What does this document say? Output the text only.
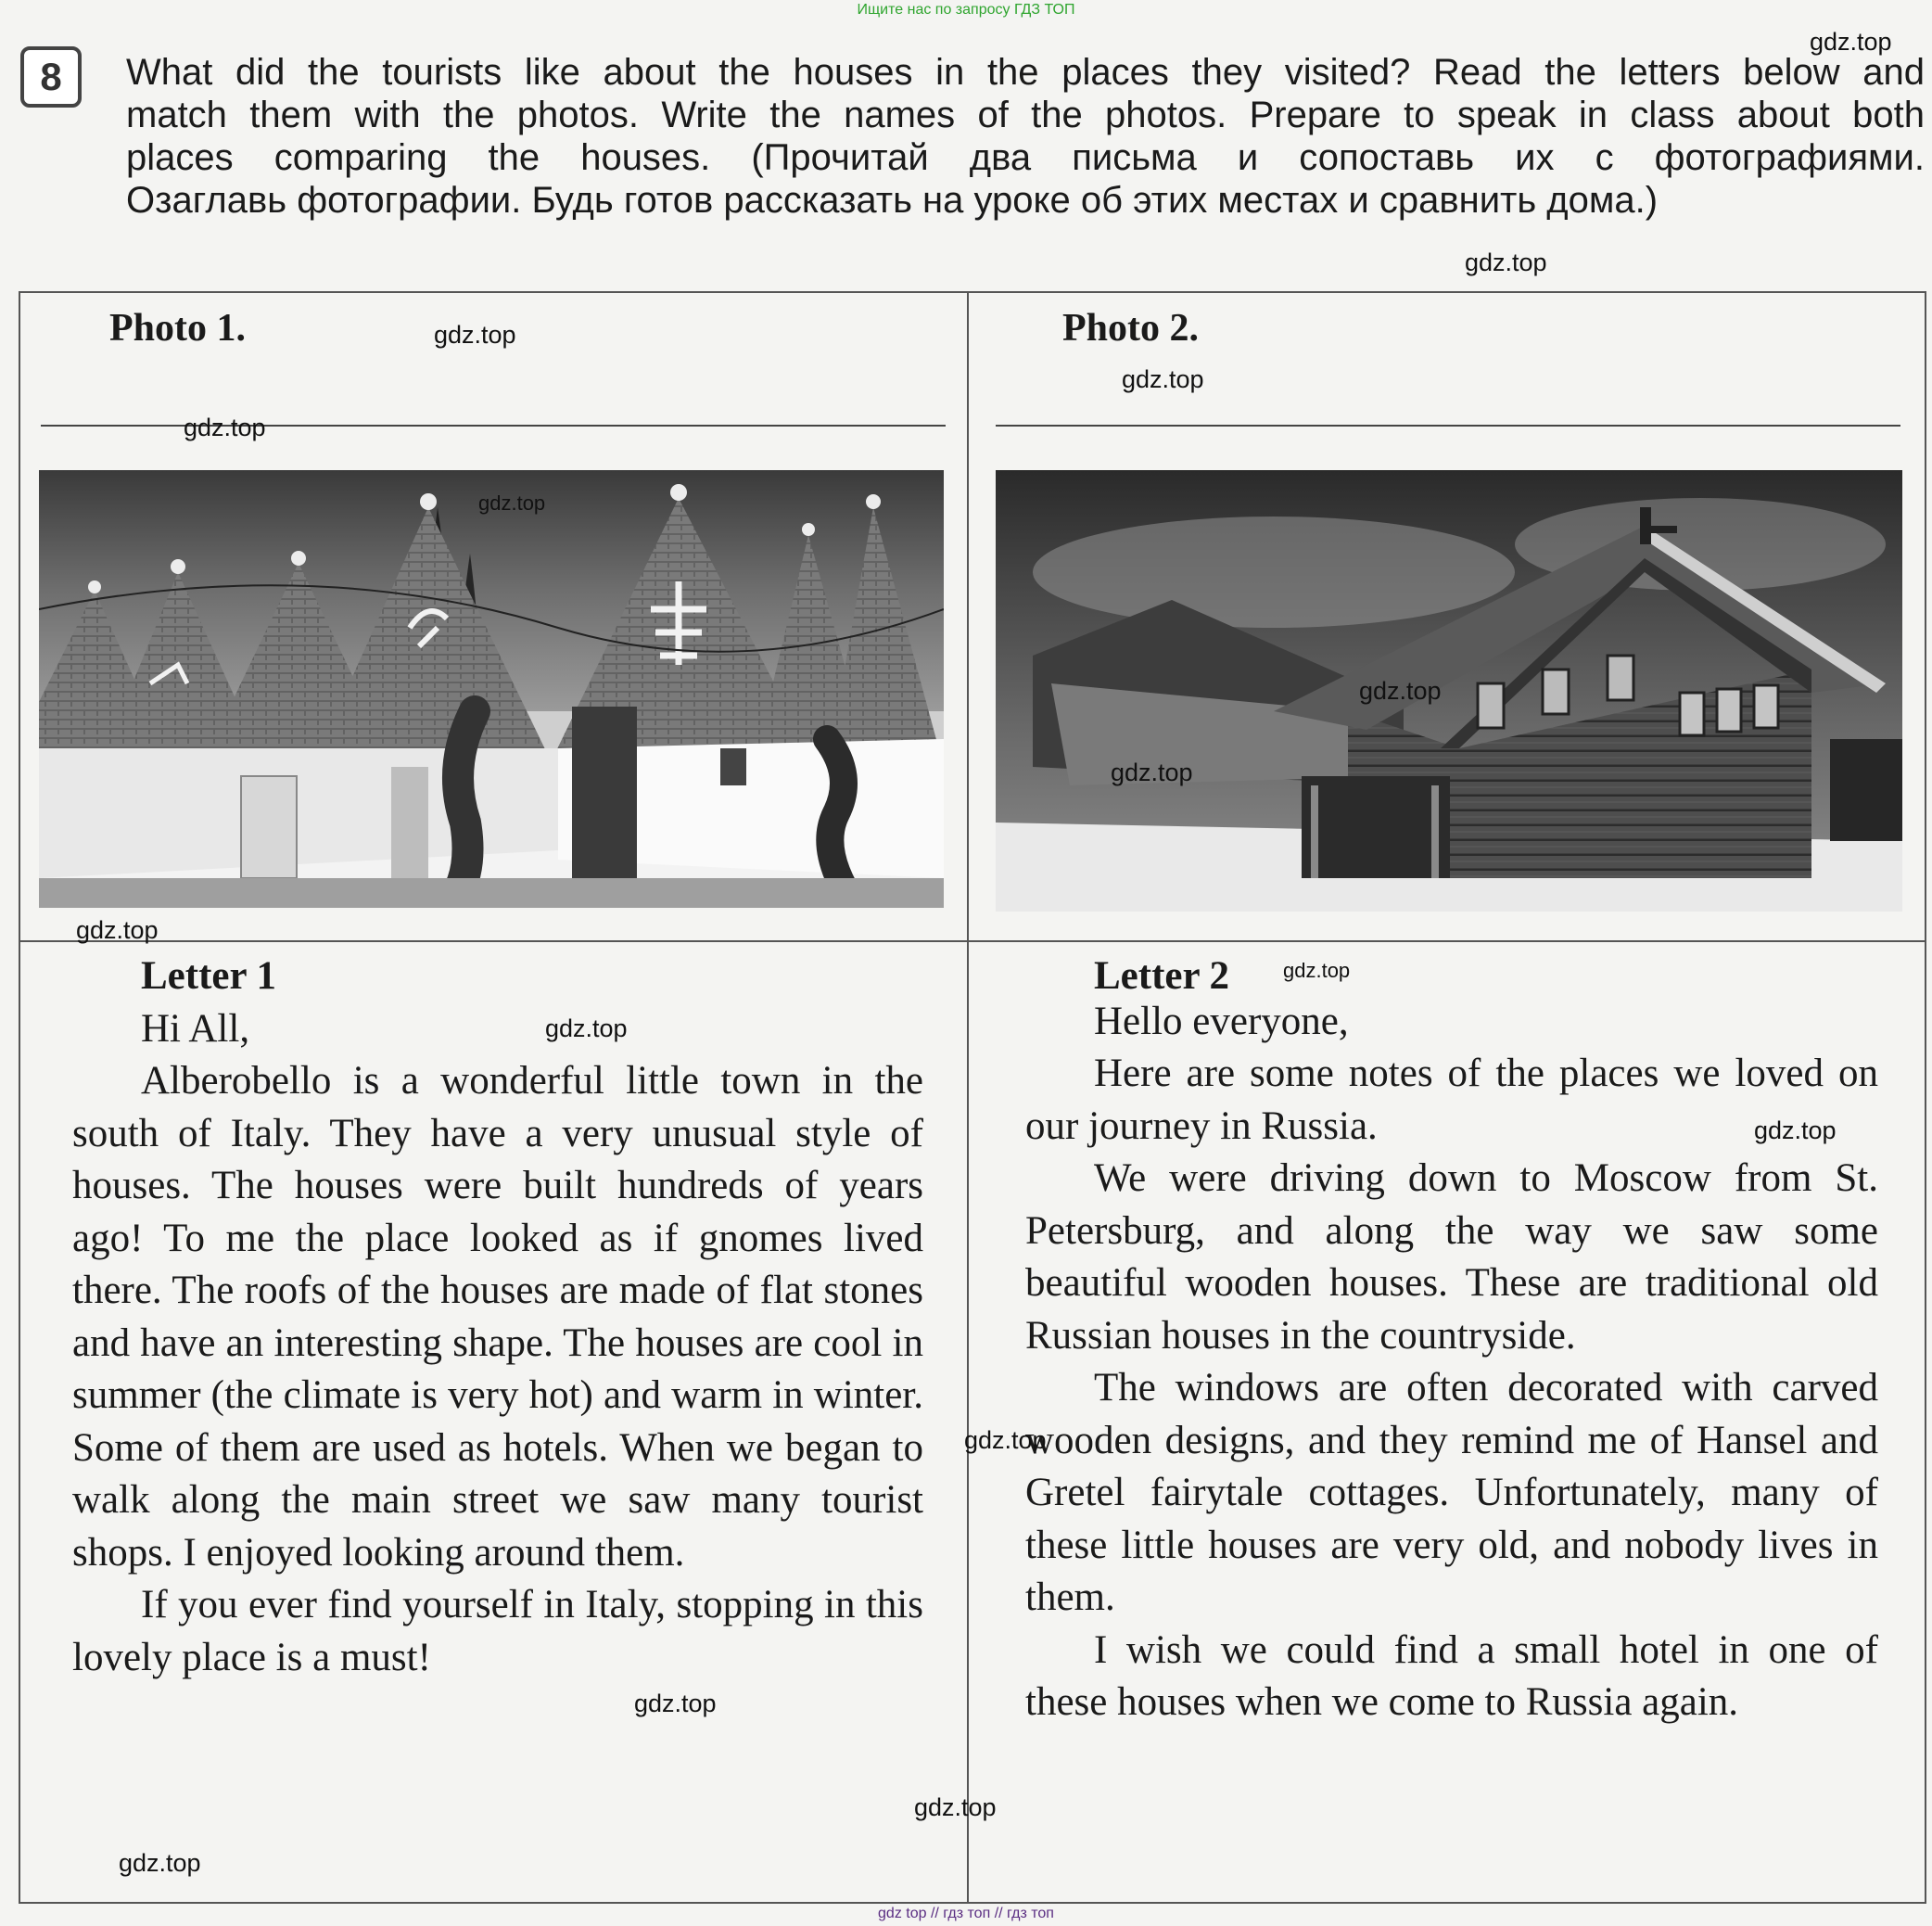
Ищите нас по запросу ГДЗ ТОП
8	What did the tourists like about the houses in the places they visited? Read the letters below and

match them with the photos. Write the names of the photos. Prepare to speak in class about both

places comparing the houses. (Прочитай два письма и сопоставь их с фотографиями.

Озаглавь фотографии. Будь готов рассказать на уроке об этих местах и сравнить дома.)

Photo 1.	Photo 2.

Letter 1

Hi All,

Alberobello is a wonderful little town in the south of Italy. They have a very unusual style of houses. The houses were built hundreds of years ago! To me the place looked as if gnomes lived there. The roofs of the houses are made of flat stones and have an interesting shape. The houses are cool in summer (the climate is very hot) and warm in winter. Some of them are used as hotels. When we began to walk along the main street we saw many tourist shops. I enjoyed looking around them.

If you ever find yourself in Italy, stopping in this lovely place is a must!

Letter 2

Hello everyone,

Here are some notes of the places we loved on our journey in Russia.

We were driving down to Moscow from St. Petersburg, and along the way we saw some beautiful wooden houses. These are traditional old Russian houses in the countryside.

The windows are often decorated with carved wooden designs, and they remind me of Hansel and Gretel fairytale cottages. Unfortunately, many of these little houses are very old, and nobody lives in them.

I wish we could find a small hotel in one of these houses when we come to Russia again.

gdz.top
gdz.top
gdz.top
gdz.top
gdz.top
gdz.top
gdz.top
gdz.top
gdz.top
gdz.top
gdz.top
gdz.top
gdz.top
gdz.top
gdz.top
gdz.top
gdz top // гдз топ // гдз топ
